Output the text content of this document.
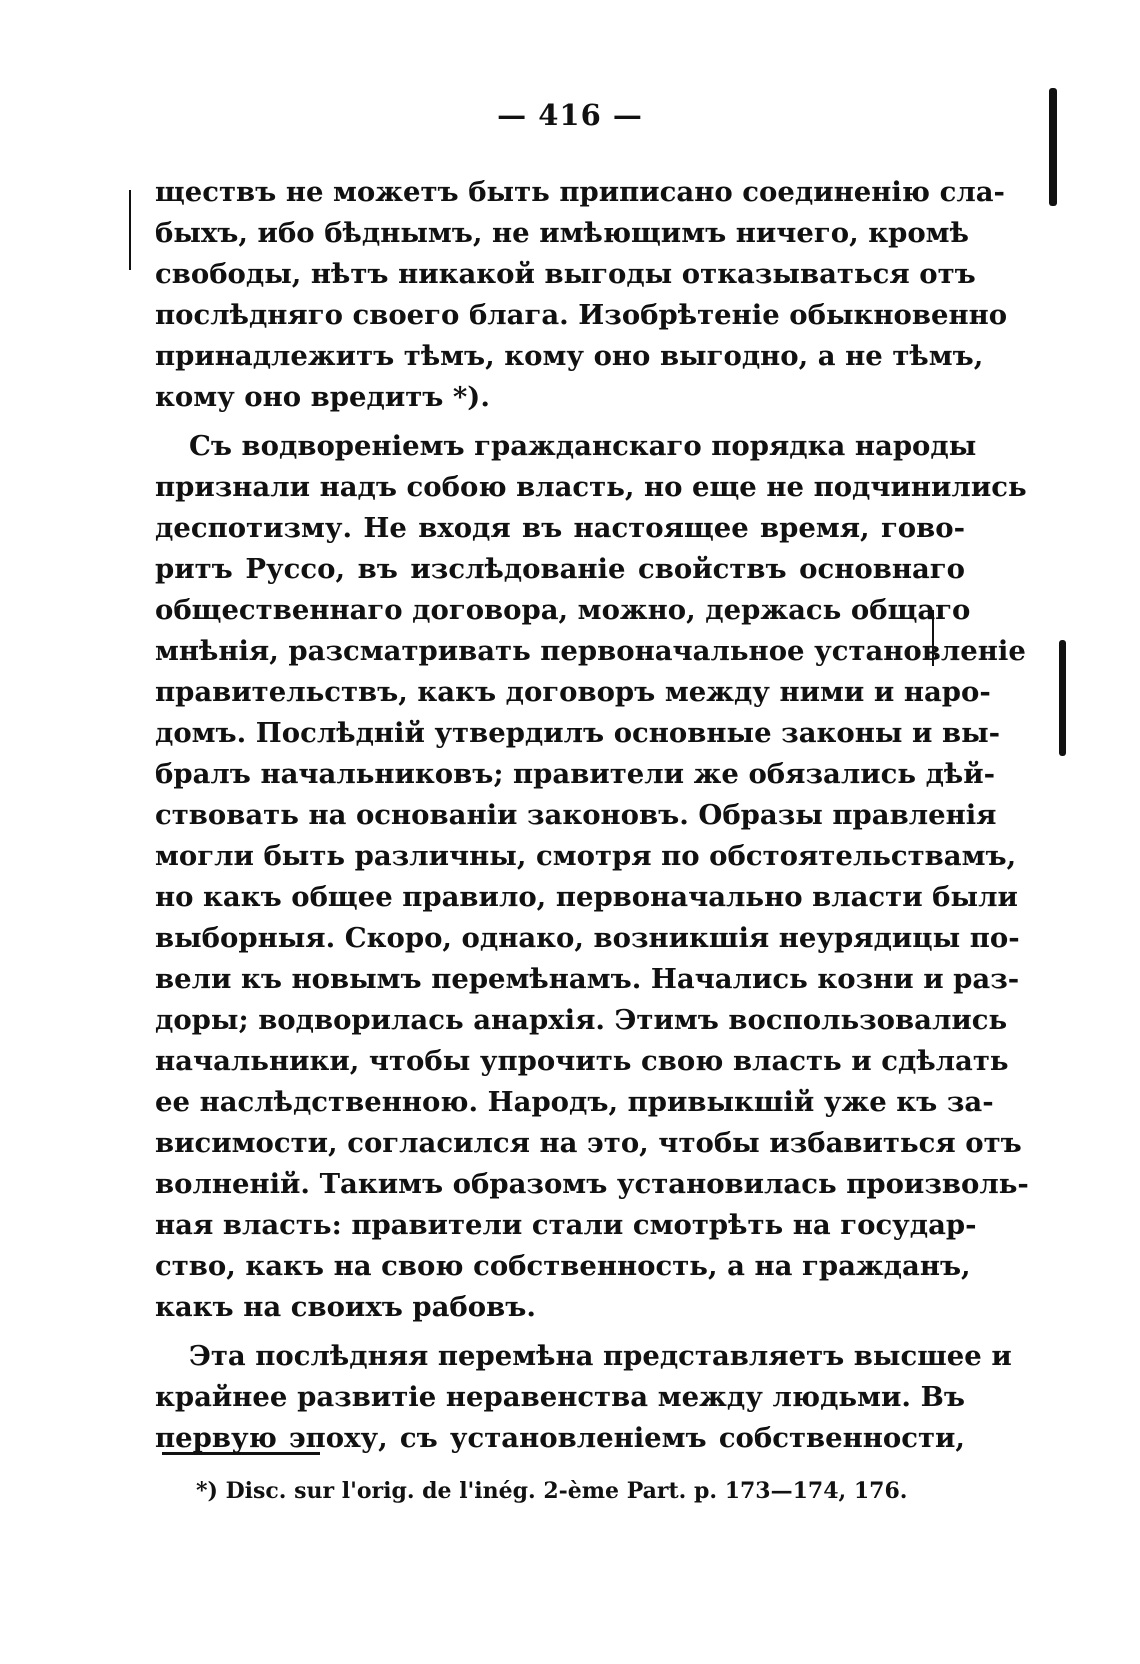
— 416 —
ществъ не можетъ быть приписано соединенію сла-
быхъ, ибо бѣднымъ, не имѣющимъ ничего, кромѣ
свободы, нѣтъ никакой выгоды отказываться отъ
послѣдняго своего блага. Изобрѣтеніе обыкновенно
принадлежитъ тѣмъ, кому оно выгодно, а не тѣмъ,
кому оно вредитъ *).
Съ водвореніемъ гражданскаго порядка народы
признали надъ собою власть, но еще не подчинились
деспотизму. Не входя въ настоящее время, гово-
ритъ Руссо, въ изслѣдованіе свойствъ основнаго
общественнаго договора, можно, держась общаго
мнѣнія, разсматривать первоначальное установленіе
правительствъ, какъ договоръ между ними и наро-
домъ. Послѣдній утвердилъ основные законы и вы-
бралъ начальниковъ; правители же обязались дѣй-
ствовать на основаніи законовъ. Образы правленія
могли быть различны, смотря по обстоятельствамъ,
но какъ общее правило, первоначально власти были
выборныя. Скоро, однако, возникшія неурядицы по-
вели къ новымъ перемѣнамъ. Начались козни и раз-
доры; водворилась анархія. Этимъ воспользовались
начальники, чтобы упрочить свою власть и сдѣлать
ее наслѣдственною. Народъ, привыкшій уже къ за-
висимости, согласился на это, чтобы избавиться отъ
волненій. Такимъ образомъ установилась произволь-
ная власть: правители стали смотрѣть на государ-
ство, какъ на свою собственность, а на гражданъ,
какъ на своихъ рабовъ.
Эта послѣдняя перемѣна представляетъ высшее и
крайнее развитіе неравенства между людьми. Въ
первую эпоху, съ установленіемъ собственности,
*) Disc. sur l'orig. de l'inég. 2-ème Part. p. 173—174, 176.
